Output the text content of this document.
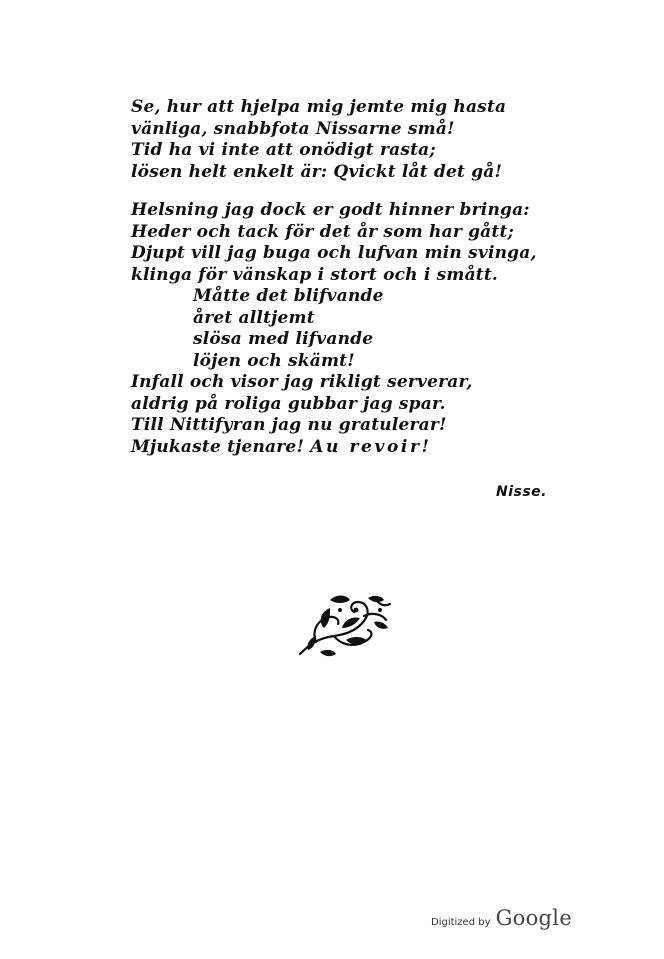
Se, hur att hjelpa mig jemte mig hasta
vänliga, snabbfota Nissarne små!
Tid ha vi inte att onödigt rasta;
lösen helt enkelt är: Qvickt låt det gå!
Helsning jag dock er godt hinner bringa:
Heder och tack för det år som har gått;
Djupt vill jag buga och lufvan min svinga,
klinga för vänskap i stort och i smått.
Måtte det blifvande
året alltjemt
slösa med lifvande
löjen och skämt!
Infall och visor jag rikligt serverar,
aldrig på roliga gubbar jag spar.
Till Nittifyran jag nu gratulerar!
Mjukaste tjenare! Au revoir!
Nisse.
Digitized by Google
